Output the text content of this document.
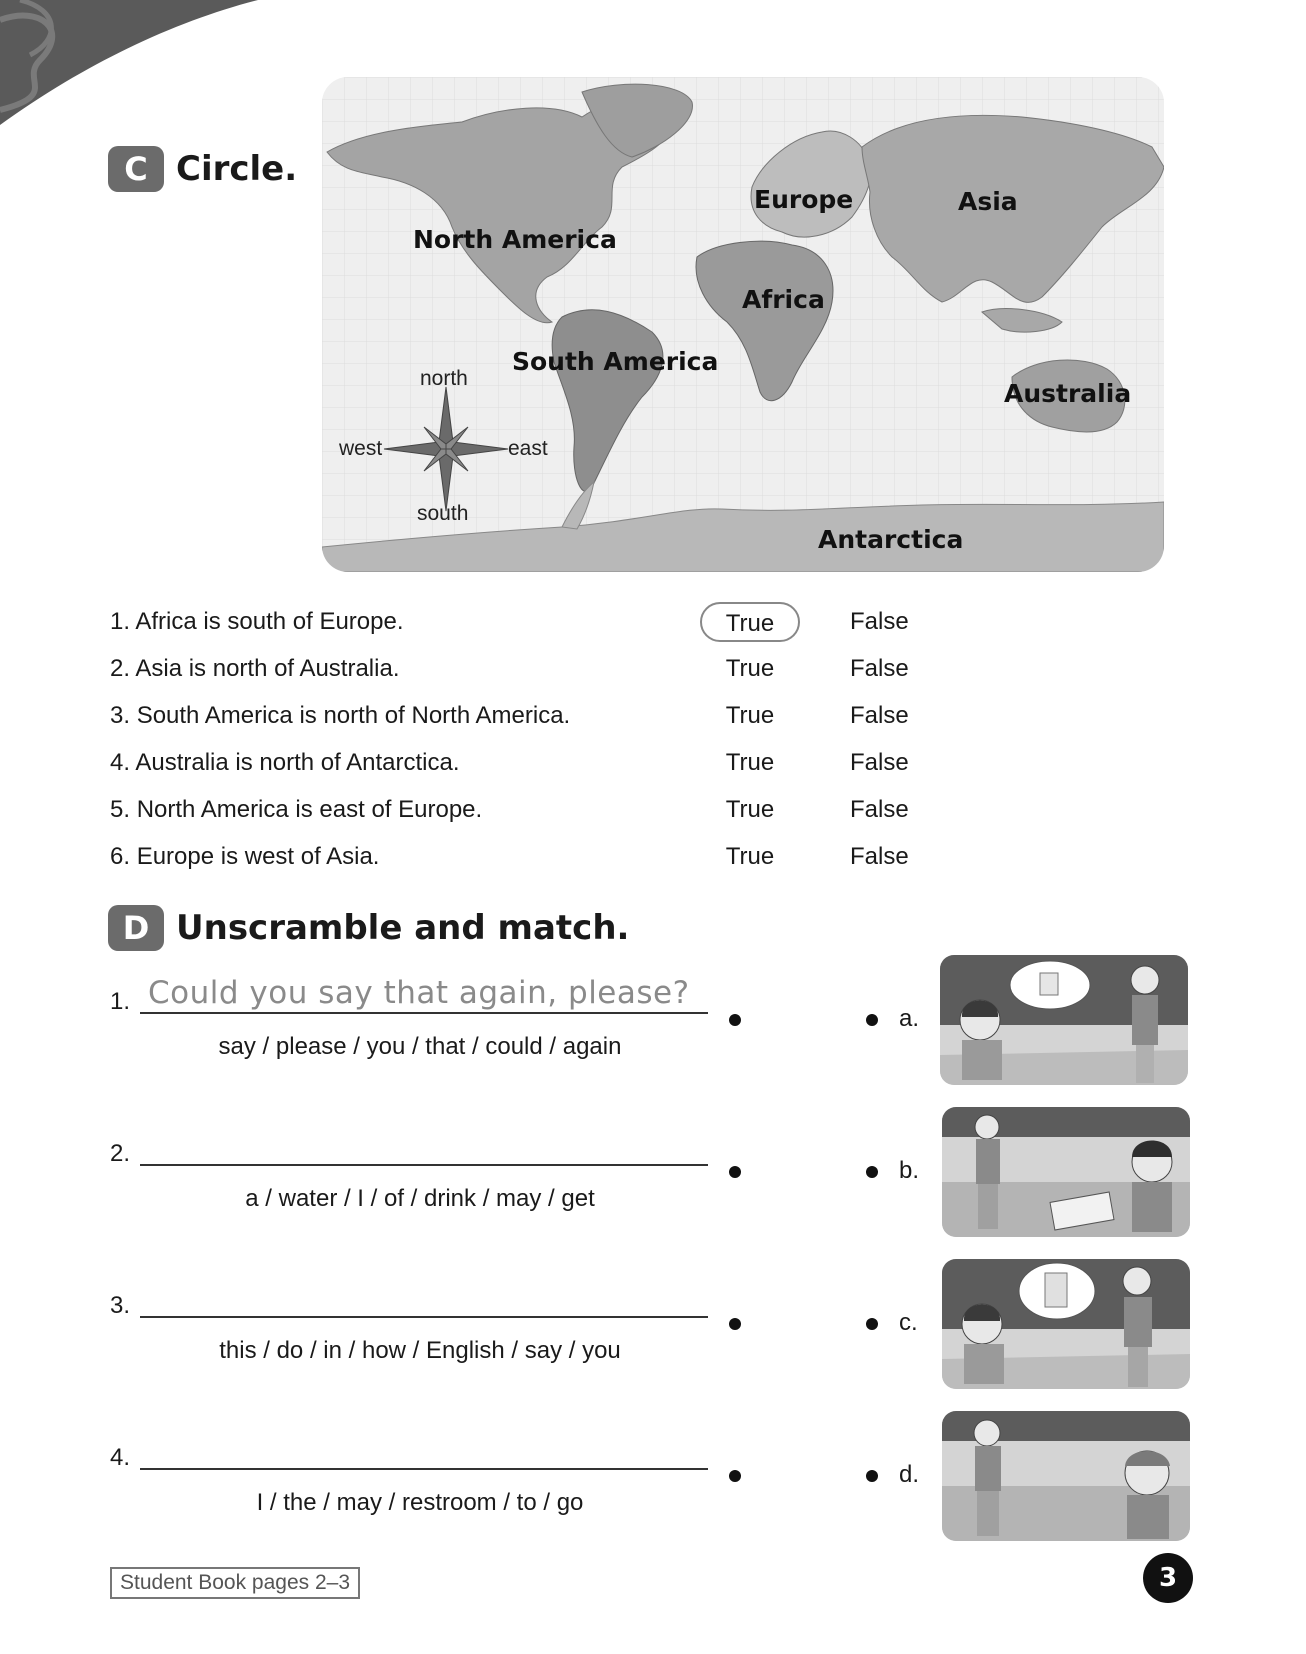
C Circle.
North America
South America
Europe
Africa
Asia
Australia
Antarctica
north
south
east
west
1. Africa is south of Europe.	True	False
2. Asia is north of Australia.	True	False
3. South America is north of North America.	True	False
4. Australia is north of Antarctica.	True	False
5. North America is east of Europe.	True	False
6. Europe is west of Asia.	True	False
D Unscramble and match.
1. Could you say that again, please?
say / please / you / that / could / again
2.
a / water / I / of / drink / may / get
3.
this / do / in / how / English / say / you
4.
I / the / may / restroom / to / go
a.
b.
c.
d.
Student Book pages 2–3	3
